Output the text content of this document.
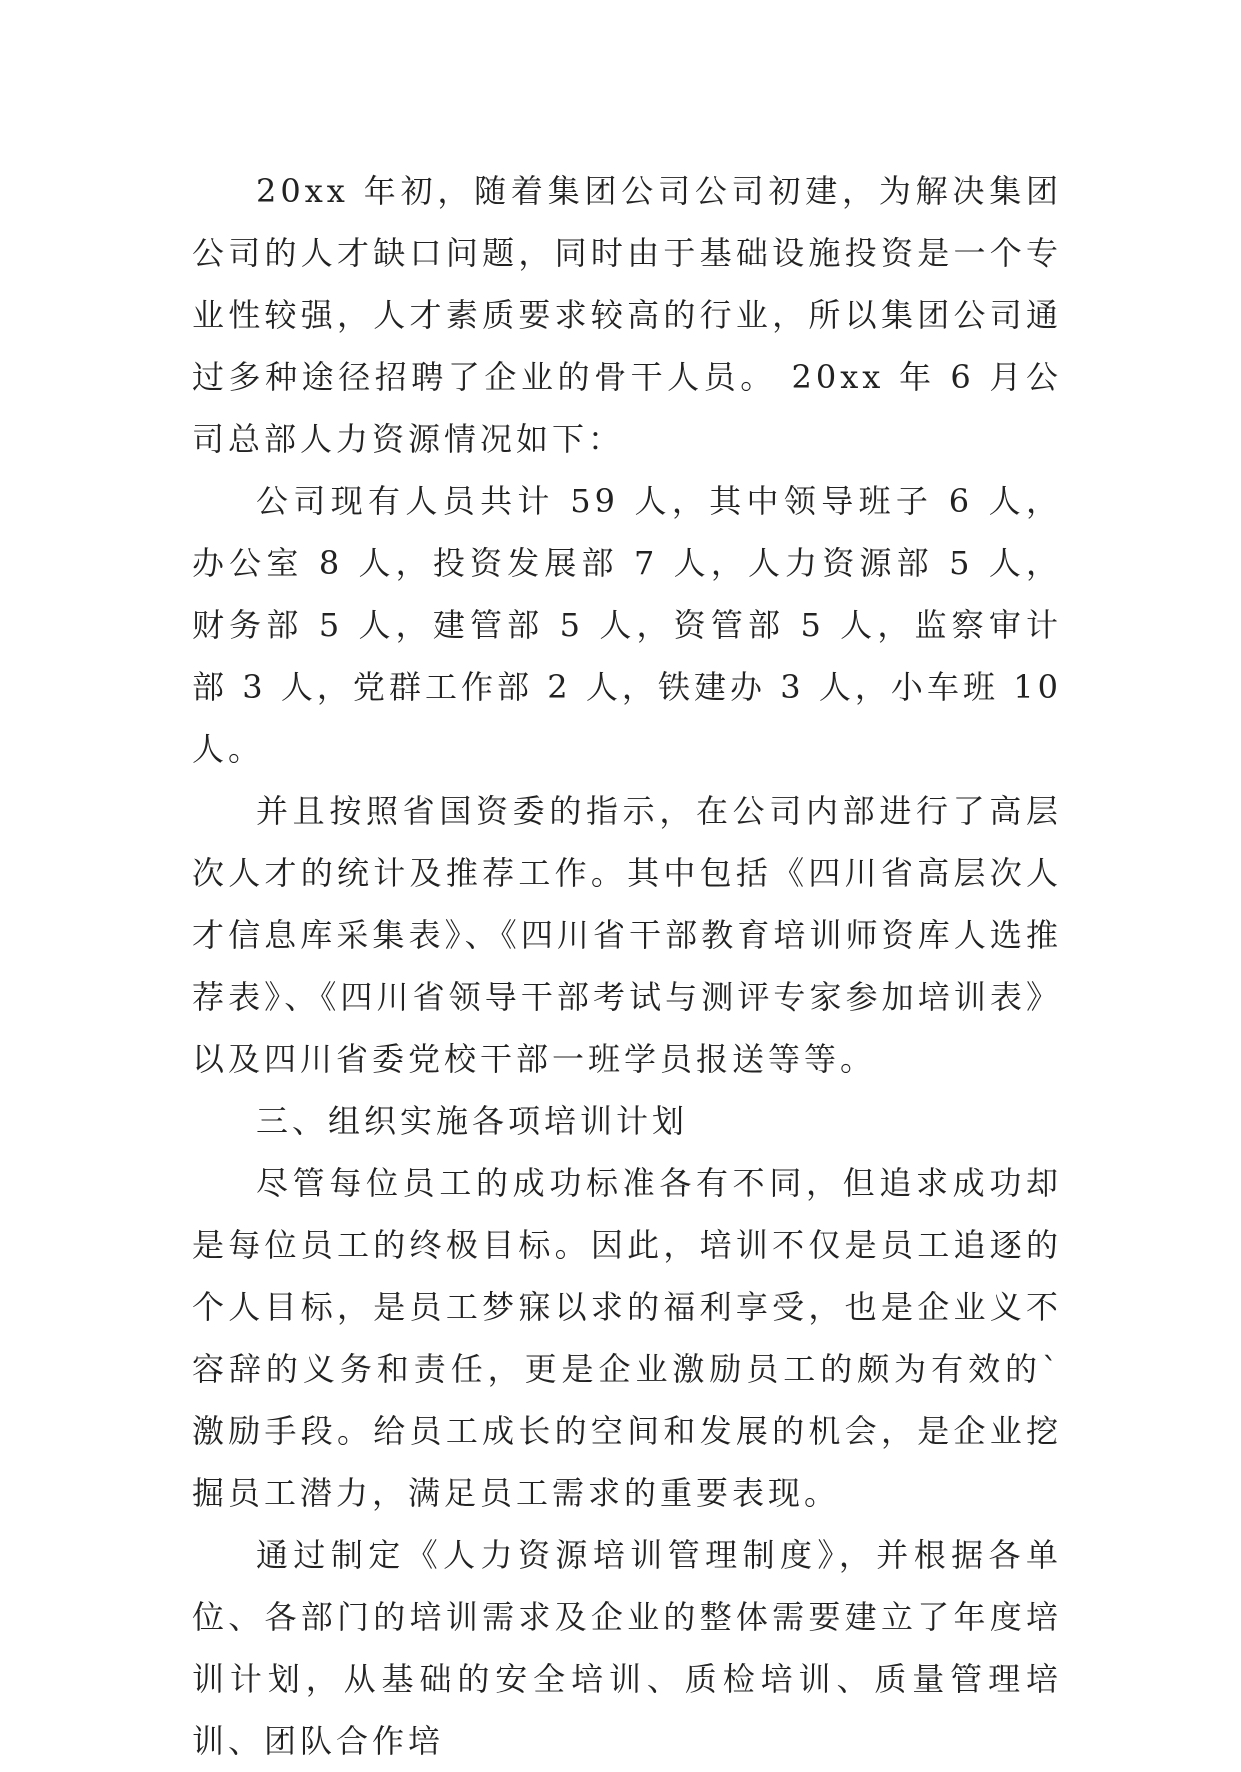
20xx 年初，随着集团公司公司初建，为解决集团公司的人才缺口问题，同时由于基础设施投资是一个专业性较强，人才素质要求较高的行业，所以集团公司通过多种途径招聘了企业的骨干人员。 20xx 年 6 月公司总部人力资源情况如下：

公司现有人员共计 59 人，其中领导班子 6 人，办公室 8 人，投资发展部 7 人，人力资源部 5 人，财务部 5 人，建管部 5 人，资管部 5 人，监察审计部 3 人，党群工作部 2 人，铁建办 3 人，小车班 10 人。

并且按照省国资委的指示，在公司内部进行了高层次人才的统计及推荐工作。其中包括《四川省高层次人才信息库采集表》、《四川省干部教育培训师资库人选推荐表》、《四川省领导干部考试与测评专家参加培训表》以及四川省委党校干部一班学员报送等等。

三、组织实施各项培训计划

尽管每位员工的成功标准各有不同，但追求成功却是每位员工的终极目标。因此，培训不仅是员工追逐的个人目标，是员工梦寐以求的福利享受，也是企业义不容辞的义务和责任，更是企业激励员工的颇为有效的`激励手段。给员工成长的空间和发展的机会，是企业挖掘员工潜力，满足员工需求的重要表现。

通过制定《人力资源培训管理制度》，并根据各单位、各部门的培训需求及企业的整体需要建立了年度培训计划，从基础的安全培训、质检培训、质量管理培训、团队合作培
